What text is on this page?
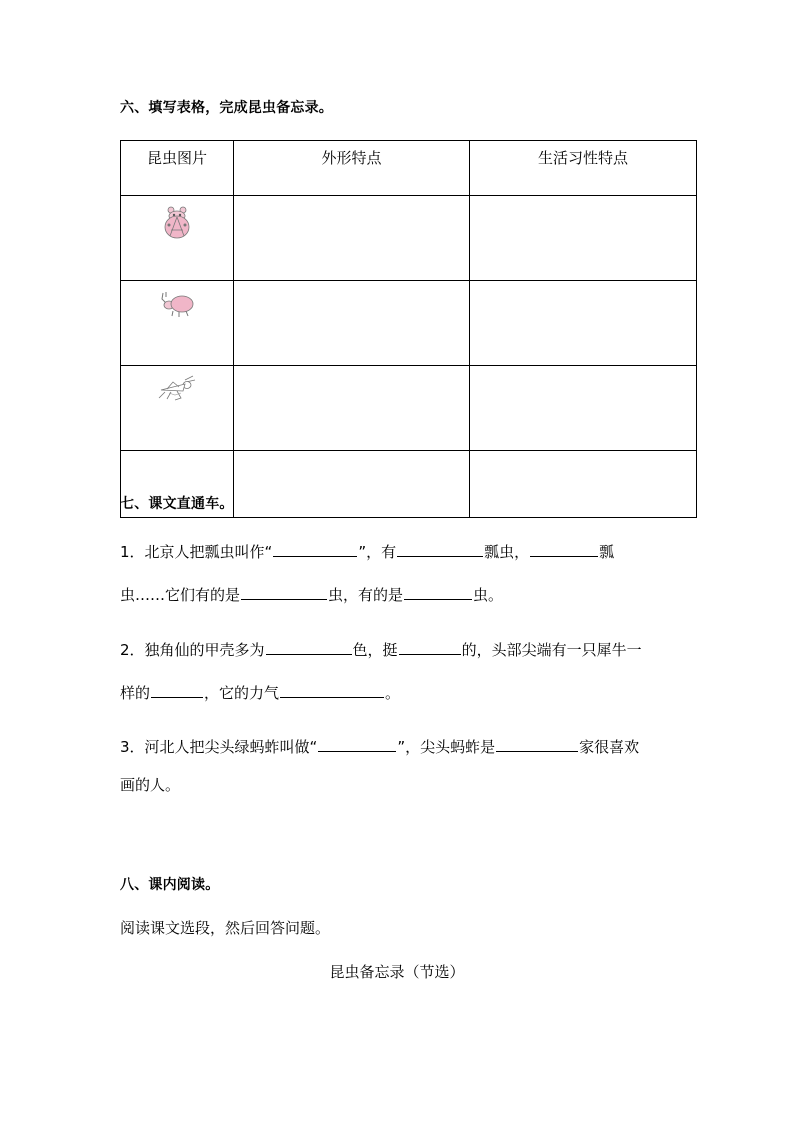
六、填写表格，完成昆虫备忘录。
昆虫图片	外形特点	生活习性特点

七、课文直通车。
1．北京人把瓢虫叫作“	”，有	瓢虫，	瓢
虫……它们有的是	虫，有的是	虫。
2．独角仙的甲壳多为	色，挺	的，头部尖端有一只犀牛一
样的	，它的力气	。
3．河北人把尖头绿蚂蚱叫做“	”，尖头蚂蚱是	家很喜欢
画的人。
八、课内阅读。
阅读课文选段，然后回答问题。
昆虫备忘录（节选）
